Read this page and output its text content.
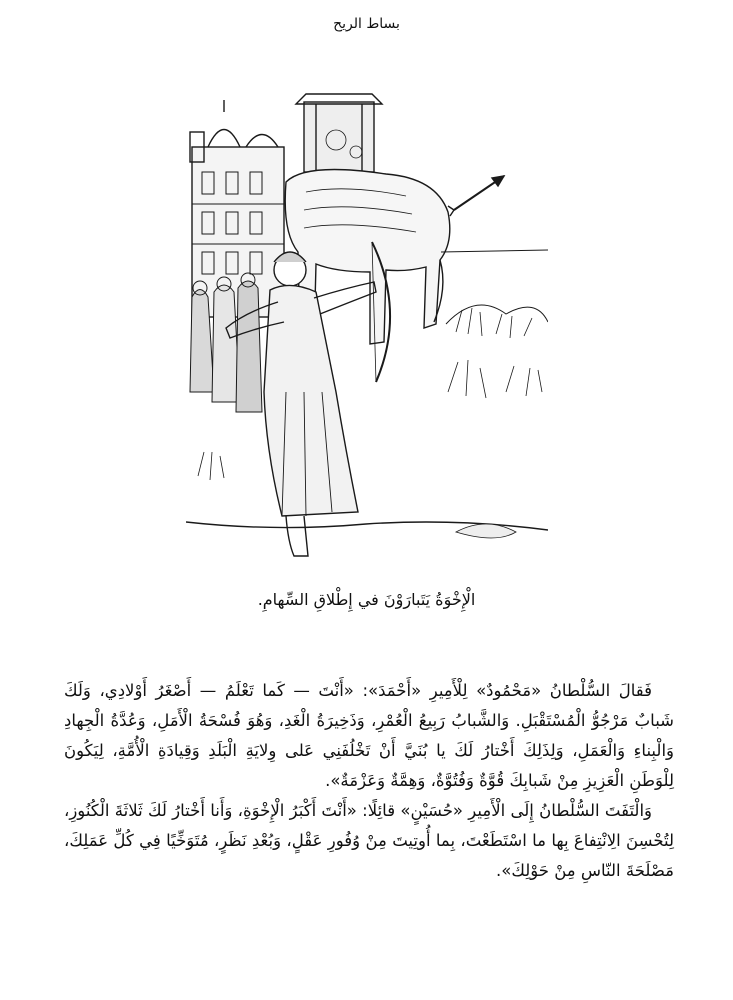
بساط الريح
الْإِخْوَةُ يَتَبارَوْنَ في إِطْلاقِ السِّهامِ.

فَقالَ السُّلْطانُ «مَحْمُودٌ» لِلْأَمِيرِ «أَحْمَدَ»: «أَنْتَ — كَما تَعْلَمُ — أَصْغَرُ أَوْلادِي، وَلَكَ شَبابٌ مَرْجُوُّ الْمُسْتَقْبَلِ. وَالشَّبابُ رَبِيعُ الْعُمْرِ، وَذَخِيرَةُ الْغَدِ، وَهُوَ فُسْحَةُ الْأَمَلِ، وَعُدَّةُ الْجِهادِ وَالْبِناءِ وَالْعَمَلِ، وَلِذَلِكَ أَخْتارُ لَكَ يا بُنَيَّ أَنْ تَخْلُفَنِي عَلى وِلايَةِ الْبَلَدِ وَقِيادَةِ الْأُمَّةِ، لِيَكُونَ لِلْوَطَنِ الْعَزِيزِ مِنْ شَبابِكَ قُوَّةٌ وَفُتُوَّةٌ، وَهِمَّةٌ وَعَزْمَةٌ».

وَالْتَفَتَ السُّلْطانُ إِلَى الْأَمِيرِ «حُسَيْنٍ» قائِلًا: «أَنْتَ أَكْبَرُ الْإِخْوَةِ، وَأَنا أَخْتارُ لَكَ ثَلاثَةَ الْكُنُوزِ، لِتُحْسِنَ الِانْتِفاعَ بِها ما اسْتَطَعْتَ، بِما أُوتِيتَ مِنْ وُفُورِ عَقْلٍ، وَبُعْدِ نَظَرٍ، مُتَوَخِّيًا فِي كُلِّ عَمَلِكَ، مَصْلَحَةَ النّاسِ مِنْ حَوْلِكَ».
